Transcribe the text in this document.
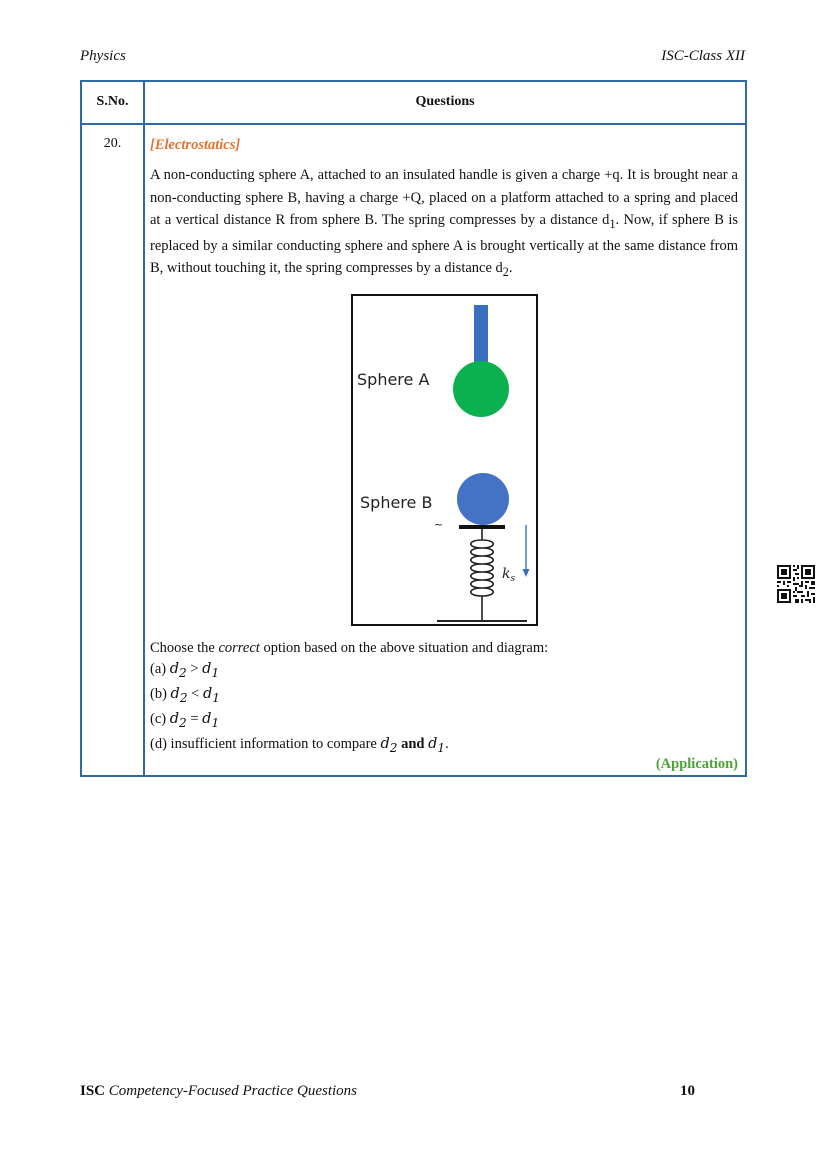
Physics	ISC-Class XII
S.No.	Questions
20.	[Electrostatics]

A non-conducting sphere A, attached to an insulated handle is given a charge +q. It is brought near a non-conducting sphere B, having a charge +Q, placed on a platform attached to a spring and placed at a vertical distance R from sphere B. The spring compresses by a distance $d_1$. Now, if sphere B is replaced by a similar conducting sphere and sphere A is brought vertically at the same distance from B, without touching it, the spring compresses by a distance $d_2$.

Sphere A
Sphere B
~
$k_s$

Choose the correct option based on the above situation and diagram:

(a) $d_2 > d_1$

(b) $d_2 < d_1$

(c) $d_2 = d_1$

(d) insufficient information to compare $d_2$ and $d_1$.

(Application)
ISC Competency-Focused Practice Questions	10
